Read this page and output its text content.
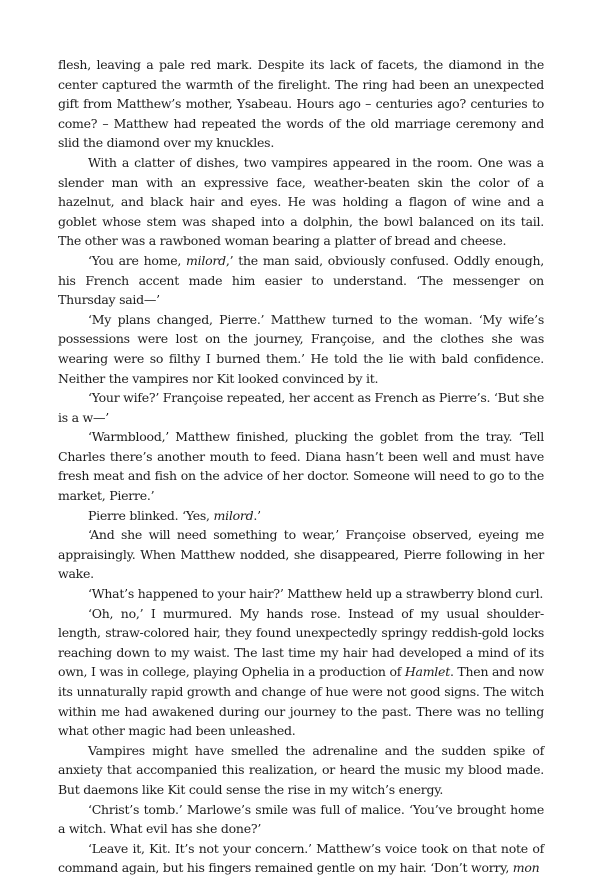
flesh, leaving a pale red mark. Despite its lack of facets, the diamond in the center captured the warmth of the firelight. The ring had been an unexpected gift from Matthew’s mother, Ysabeau. Hours ago – centuries ago? centuries to come? – Matthew had repeated the words of the old marriage ceremony and slid the diamond over my knuckles.

With a clatter of dishes, two vampires appeared in the room. One was a slender man with an expressive face, weather-beaten skin the color of a hazelnut, and black hair and eyes. He was holding a flagon of wine and a goblet whose stem was shaped into a dolphin, the bowl balanced on its tail. The other was a rawboned woman bearing a platter of bread and cheese.

‘You are home, milord,’ the man said, obviously confused. Oddly enough, his French accent made him easier to understand. ‘The messenger on Thursday said—’

‘My plans changed, Pierre.’ Matthew turned to the woman. ‘My wife’s possessions were lost on the journey, Françoise, and the clothes she was wearing were so filthy I burned them.’ He told the lie with bald confidence. Neither the vampires nor Kit looked convinced by it.

‘Your wife?’ Françoise repeated, her accent as French as Pierre’s. ‘But she is a w—’

‘Warmblood,’ Matthew finished, plucking the goblet from the tray. ‘Tell Charles there’s another mouth to feed. Diana hasn’t been well and must have fresh meat and fish on the advice of her doctor. Someone will need to go to the market, Pierre.’

Pierre blinked. ‘Yes, milord.’

‘And she will need something to wear,’ Françoise observed, eyeing me appraisingly. When Matthew nodded, she disappeared, Pierre following in her wake.

‘What’s happened to your hair?’ Matthew held up a strawberry blond curl.

‘Oh, no,’ I murmured. My hands rose. Instead of my usual shoulder-length, straw-colored hair, they found unexpectedly springy reddish-gold locks reaching down to my waist. The last time my hair had developed a mind of its own, I was in college, playing Ophelia in a production of Hamlet. Then and now its unnaturally rapid growth and change of hue were not good signs. The witch within me had awakened during our journey to the past. There was no telling what other magic had been unleashed.

Vampires might have smelled the adrenaline and the sudden spike of anxiety that accompanied this realization, or heard the music my blood made. But daemons like Kit could sense the rise in my witch’s energy.

‘Christ’s tomb.’ Marlowe’s smile was full of malice. ‘You’ve brought home a witch. What evil has she done?’

‘Leave it, Kit. It’s not your concern.’ Matthew’s voice took on that note of command again, but his fingers remained gentle on my hair. ‘Don’t worry, mon
